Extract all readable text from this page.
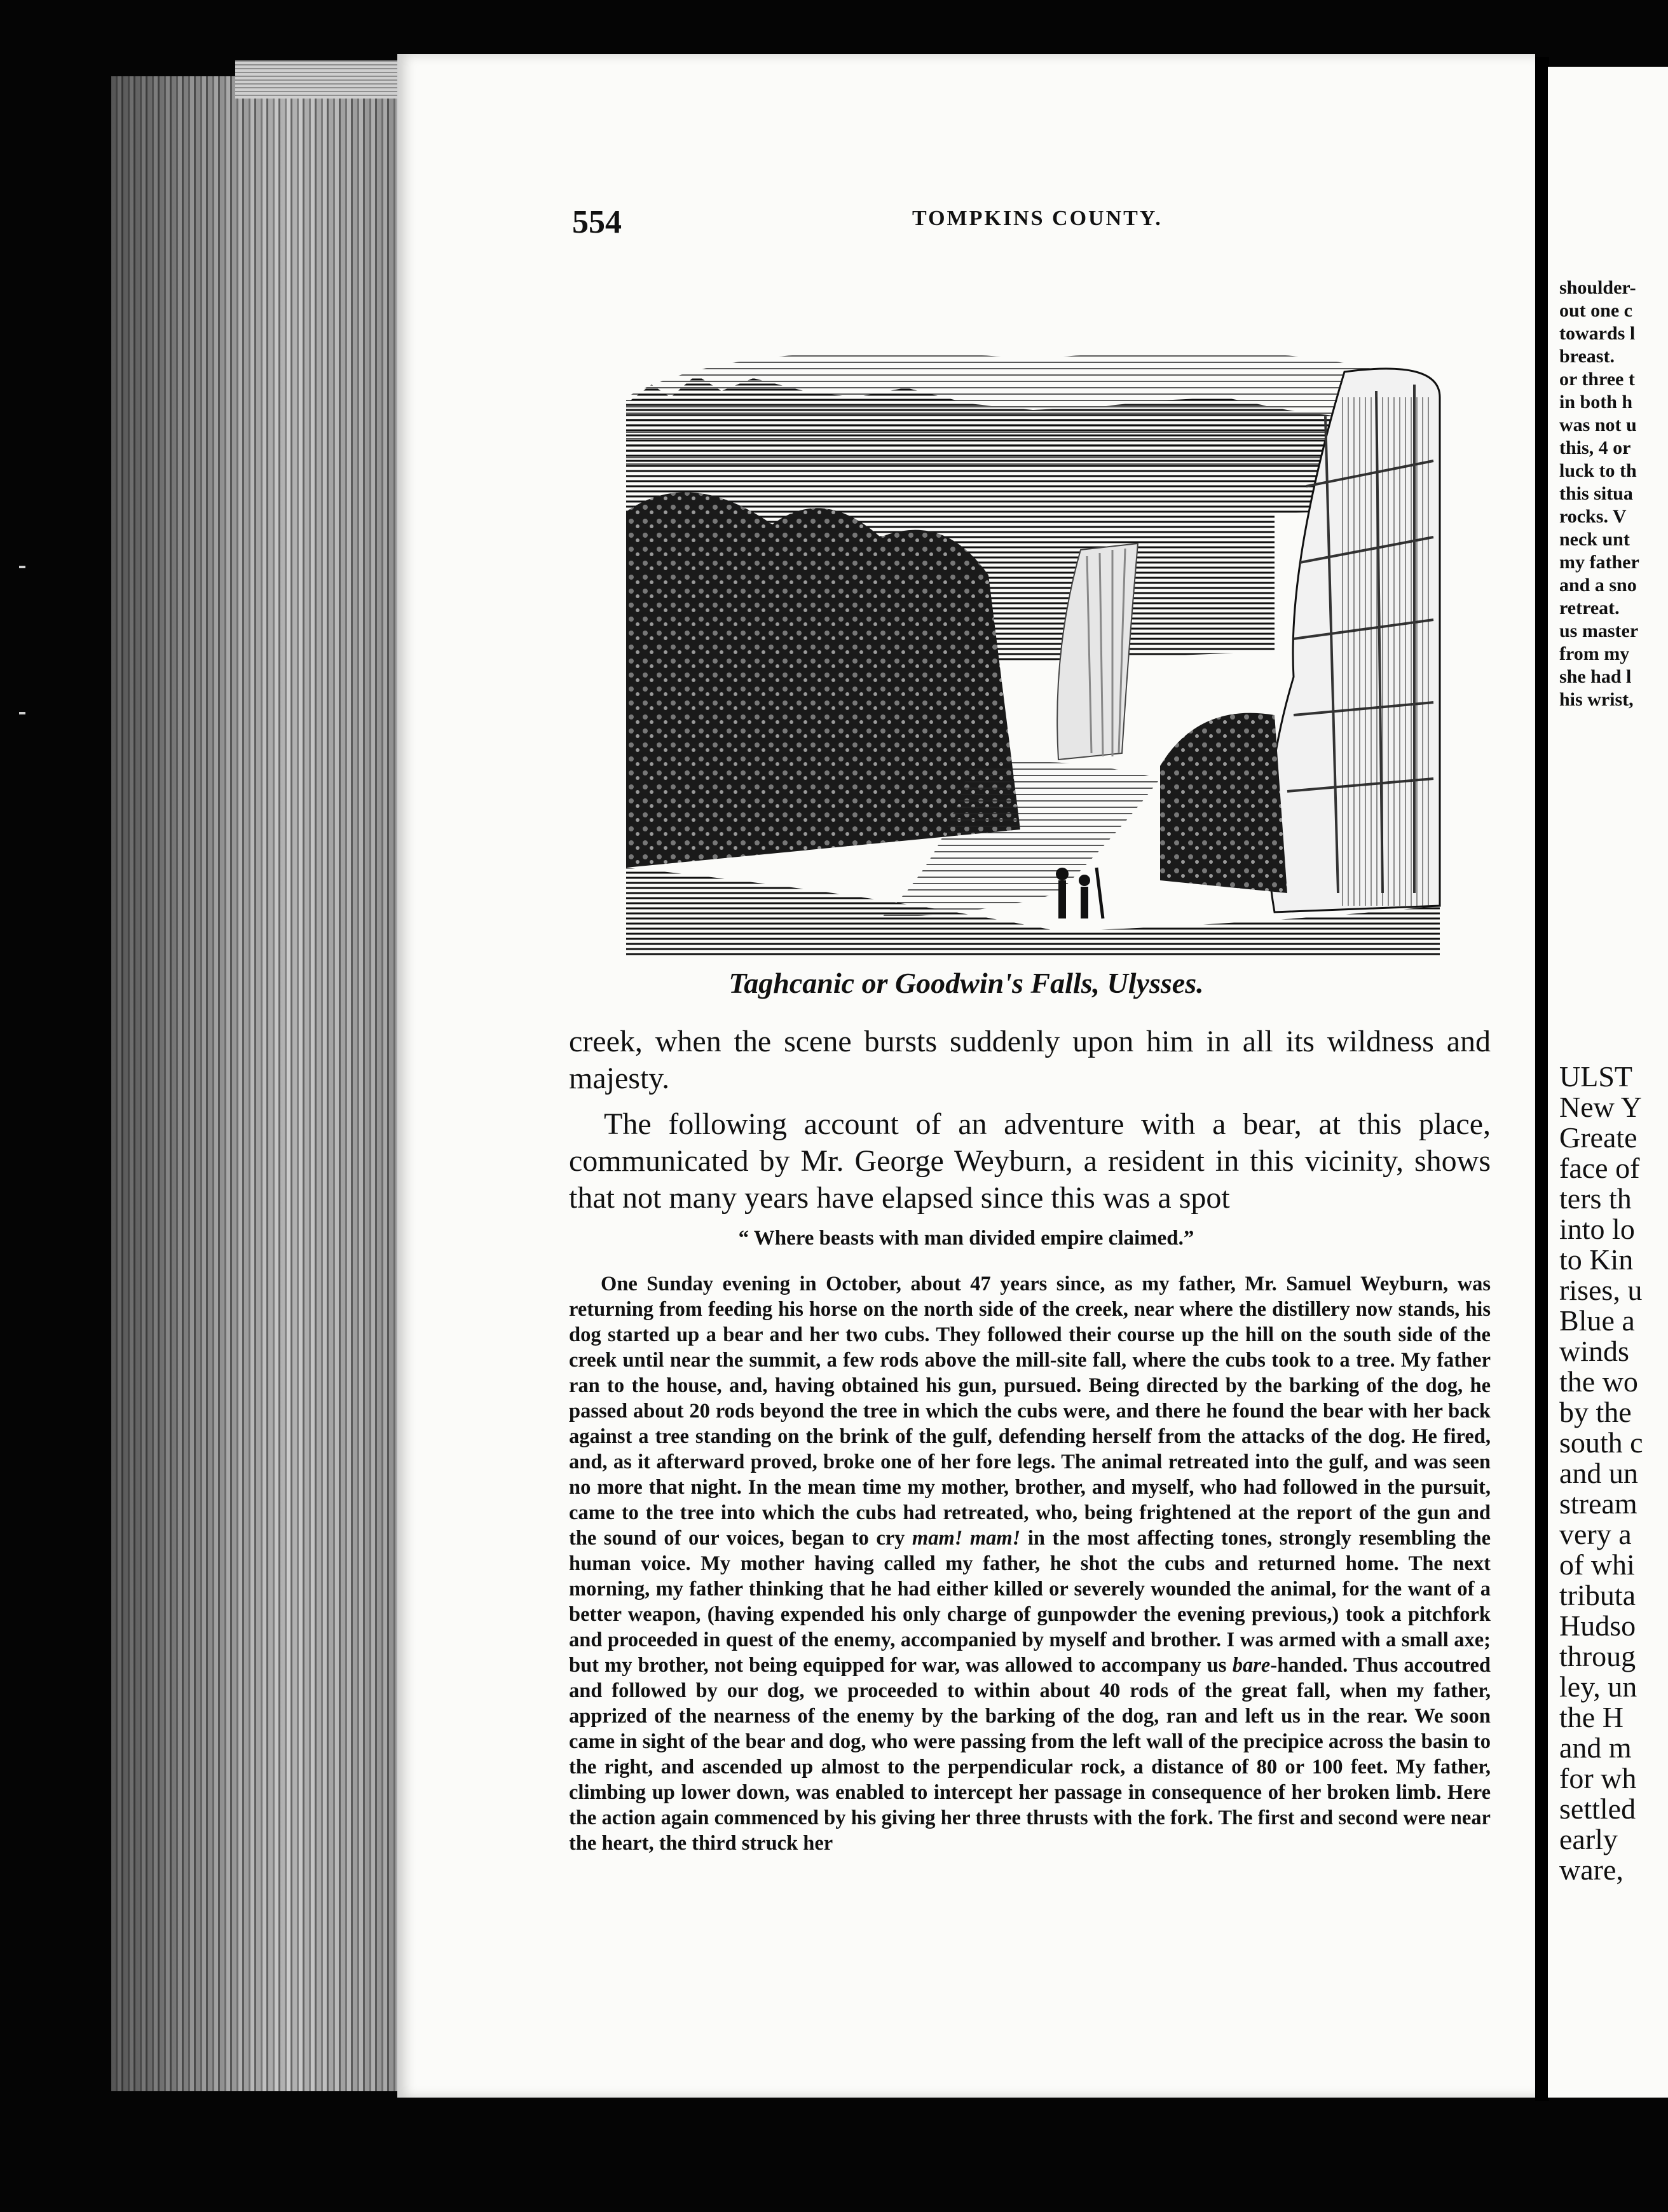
554	TOMPKINS COUNTY.
Taghcanic or Goodwin's Falls, Ulysses.

creek, when the scene bursts suddenly upon him in all its wildness and majesty.

The following account of an adventure with a bear, at this place, communicated by Mr. George Weyburn, a resident in this vicinity, shows that not many years have elapsed since this was a spot

“ Where beasts with man divided empire claimed.”

One Sunday evening in October, about 47 years since, as my father, Mr. Samuel Weyburn, was returning from feeding his horse on the north side of the creek, near where the distillery now stands, his dog started up a bear and her two cubs. They followed their course up the hill on the south side of the creek until near the summit, a few rods above the mill-site fall, where the cubs took to a tree. My father ran to the house, and, having obtained his gun, pursued. Being directed by the barking of the dog, he passed about 20 rods beyond the tree in which the cubs were, and there he found the bear with her back against a tree standing on the brink of the gulf, defending herself from the attacks of the dog. He fired, and, as it afterward proved, broke one of her fore legs. The animal retreated into the gulf, and was seen no more that night. In the mean time my mother, brother, and myself, who had followed in the pursuit, came to the tree into which the cubs had retreated, who, being frightened at the report of the gun and the sound of our voices, began to cry mam! mam! in the most affecting tones, strongly resembling the human voice. My mother having called my father, he shot the cubs and returned home. The next morning, my father thinking that he had either killed or severely wounded the animal, for the want of a better weapon, (having expended his only charge of gunpowder the evening previous,) took a pitchfork and proceeded in quest of the enemy, accompanied by myself and brother. I was armed with a small axe; but my brother, not being equipped for war, was allowed to accompany us bare-handed. Thus accoutred and followed by our dog, we proceeded to within about 40 rods of the great fall, when my father, apprized of the nearness of the enemy by the barking of the dog, ran and left us in the rear. We soon came in sight of the bear and dog, who were passing from the left wall of the precipice across the basin to the right, and ascended up almost to the perpendicular rock, a distance of 80 or 100 feet. My father, climbing up lower down, was enabled to intercept her passage in consequence of her broken limb. Here the action again commenced by his giving her three thrusts with the fork. The first and second were near the heart, the third struck her

shoulder-
out one c
towards l
breast.
or three t
in both h
was not u
this, 4 or
luck to th
this situa
rocks. V
neck unt
my father
and a sno
retreat.
us master
from my
she had l
his wrist,
ULST
New Y
Greate
face of
ters th
into lo
to Kin
rises, u
Blue a
winds
the wo
by the
south c
and un
stream
very a
of whi
tributa
Hudso
throug
ley, un
the H
and m
for wh
settled
early
ware,
